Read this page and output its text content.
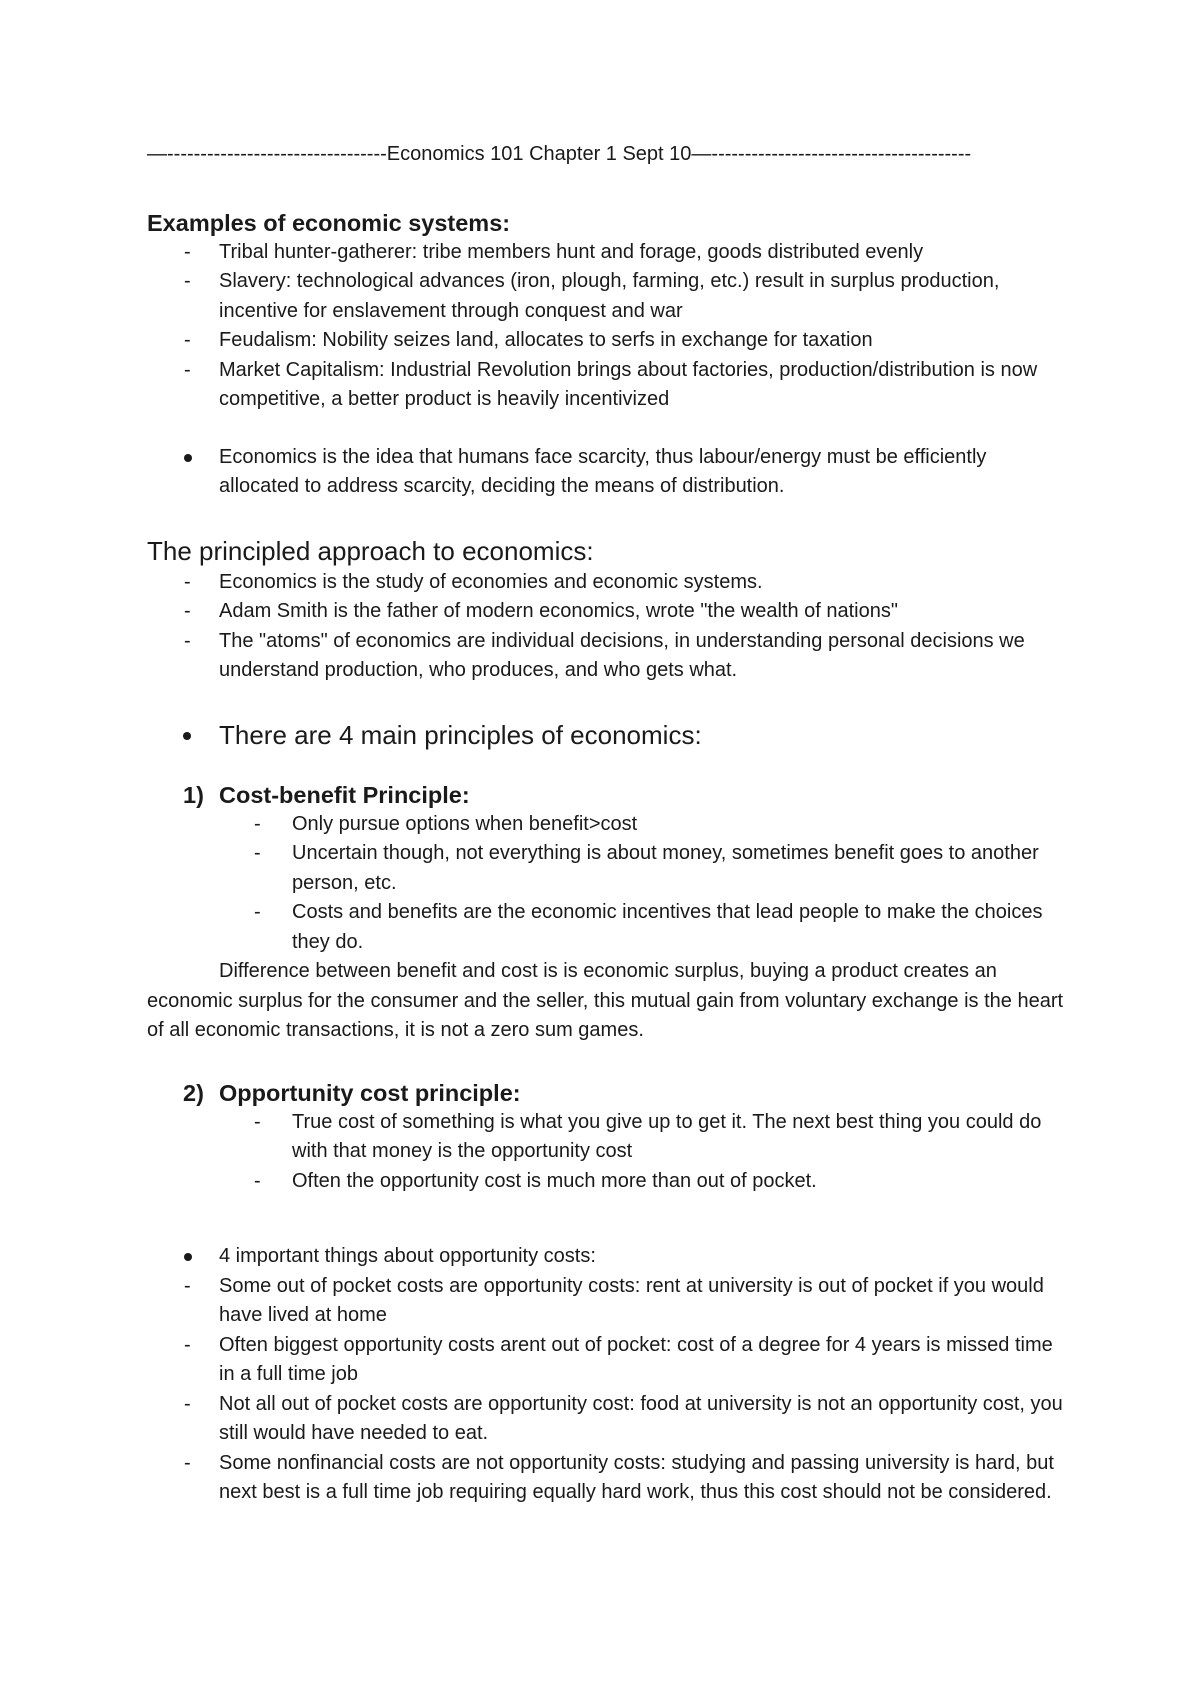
—---------------------------------Economics 101 Chapter 1 Sept 10—---------------------------------------
Examples of economic systems:
- Tribal hunter-gatherer: tribe members hunt and forage, goods distributed evenly
- Slavery: technological advances (iron, plough, farming, etc.) result in surplus production, incentive for enslavement through conquest and war
- Feudalism: Nobility seizes land, allocates to serfs in exchange for taxation
- Market Capitalism: Industrial Revolution brings about factories, production/distribution is now competitive, a better product is heavily incentivized
Economics is the idea that humans face scarcity, thus labour/energy must be efficiently allocated to address scarcity, deciding the means of distribution.
The principled approach to economics:
- Economics is the study of economies and economic systems.
- Adam Smith is the father of modern economics, wrote "the wealth of nations"
- The "atoms" of economics are individual decisions, in understanding personal decisions we understand production, who produces, and who gets what.
There are 4 main principles of economics:
1) Cost-benefit Principle:
- Only pursue options when benefit>cost
- Uncertain though, not everything is about money, sometimes benefit goes to another person, etc.
- Costs and benefits are the economic incentives that lead people to make the choices they do.
Difference between benefit and cost is is economic surplus, buying a product creates an economic surplus for the consumer and the seller, this mutual gain from voluntary exchange is the heart of all economic transactions, it is not a zero sum games.
2) Opportunity cost principle:
- True cost of something is what you give up to get it. The next best thing you could do with that money is the opportunity cost
- Often the opportunity cost is much more than out of pocket.
4 important things about opportunity costs:
- Some out of pocket costs are opportunity costs: rent at university is out of pocket if you would have lived at home
- Often biggest opportunity costs arent out of pocket: cost of a degree for 4 years is missed time in a full time job
- Not all out of pocket costs are opportunity cost: food at university is not an opportunity cost, you still would have needed to eat.
- Some nonfinancial costs are not opportunity costs: studying and passing university is hard, but next best is a full time job requiring equally hard work, thus this cost should not be considered.
